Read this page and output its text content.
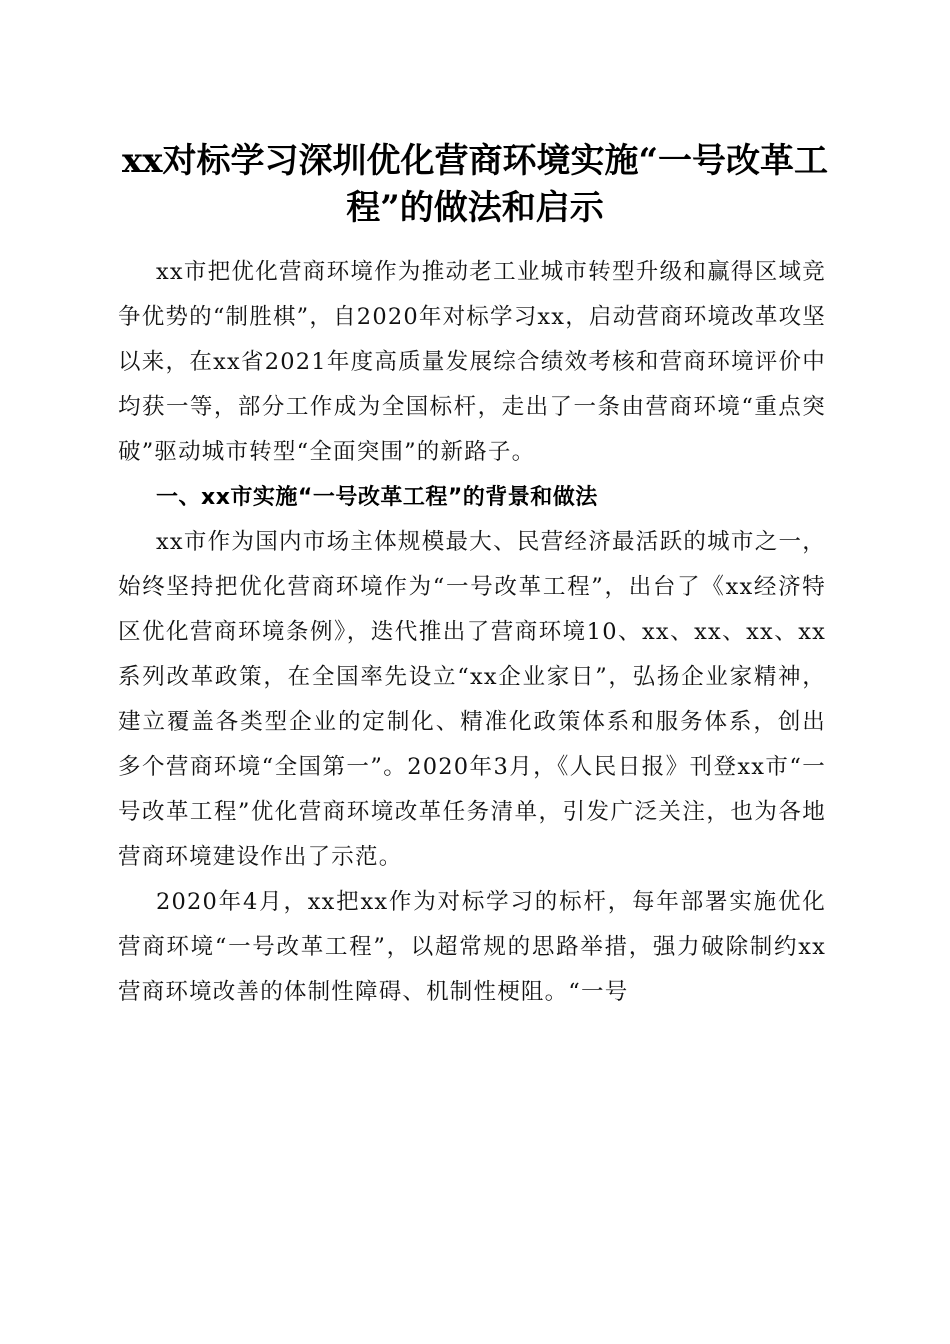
xx对标学习深圳优化营商环境实施“一号改革工程”的做法和启示

xx市把优化营商环境作为推动老工业城市转型升级和赢得区域竞争优势的“制胜棋”，自2020年对标学习xx，启动营商环境改革攻坚以来，在xx省2021年度高质量发展综合绩效考核和营商环境评价中均获一等，部分工作成为全国标杆，走出了一条由营商环境“重点突破”驱动城市转型“全面突围”的新路子。

一、xx市实施“一号改革工程”的背景和做法

xx市作为国内市场主体规模最大、民营经济最活跃的城市之一，始终坚持把优化营商环境作为“一号改革工程”，出台了《xx经济特区优化营商环境条例》，迭代推出了营商环境10、xx、xx、xx、xx系列改革政策，在全国率先设立“xx企业家日”，弘扬企业家精神，建立覆盖各类型企业的定制化、精准化政策体系和服务体系，创出多个营商环境“全国第一”。2020年3月，《人民日报》刊登xx市“一号改革工程”优化营商环境改革任务清单，引发广泛关注，也为各地营商环境建设作出了示范。

2020年4月，xx把xx作为对标学习的标杆，每年部署实施优化营商环境“一号改革工程”，以超常规的思路举措，强力破除制约xx营商环境改善的体制性障碍、机制性梗阻。“一号
